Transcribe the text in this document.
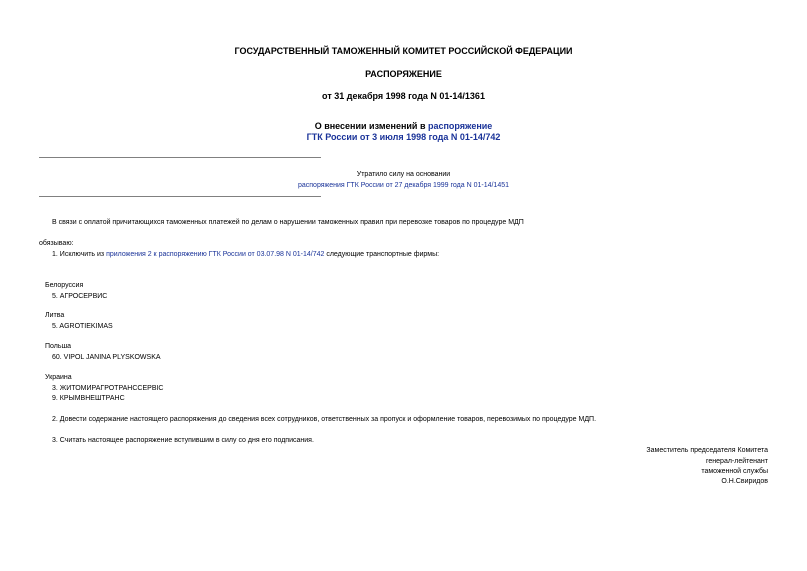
ГОСУДАРСТВЕННЫЙ ТАМОЖЕННЫЙ КОМИТЕТ РОССИЙСКОЙ ФЕДЕРАЦИИ
РАСПОРЯЖЕНИЕ
от 31 декабря 1998 года N 01-14/1361
О внесении изменений в распоряжение
ГТК России от 3 июля 1998 года N 01-14/742
Утратило силу на основании
распоряжения ГТК России от 27 декабря 1999 года N 01-14/1451
В связи с оплатой причитающихся таможенных платежей по делам о нарушении таможенных правил при перевозке товаров по процедуре МДП
обязываю:
1. Исключить из приложения 2 к распоряжению ГТК России от 03.07.98 N 01-14/742 следующие транспортные фирмы:
Белоруссия
5. АГРОСЕРВИС
Литва
5. AGROTIEKIMAS
Польша
60. VIPOL JANINA PLYSKOWSKA
Украина
3. ЖИТОМИРАГРОТРАНССЕРВІС
9. КРЫМВНЕШТРАНС
2. Довести содержание настоящего распоряжения до сведения всех сотрудников, ответственных за пропуск и оформление товаров, перевозимых по процедуре МДП.
3. Считать настоящее распоряжение вступившим в силу со дня его подписания.
Заместитель председателя Комитета
генерал-лейтенант
таможенной службы
О.Н.Свиридов
